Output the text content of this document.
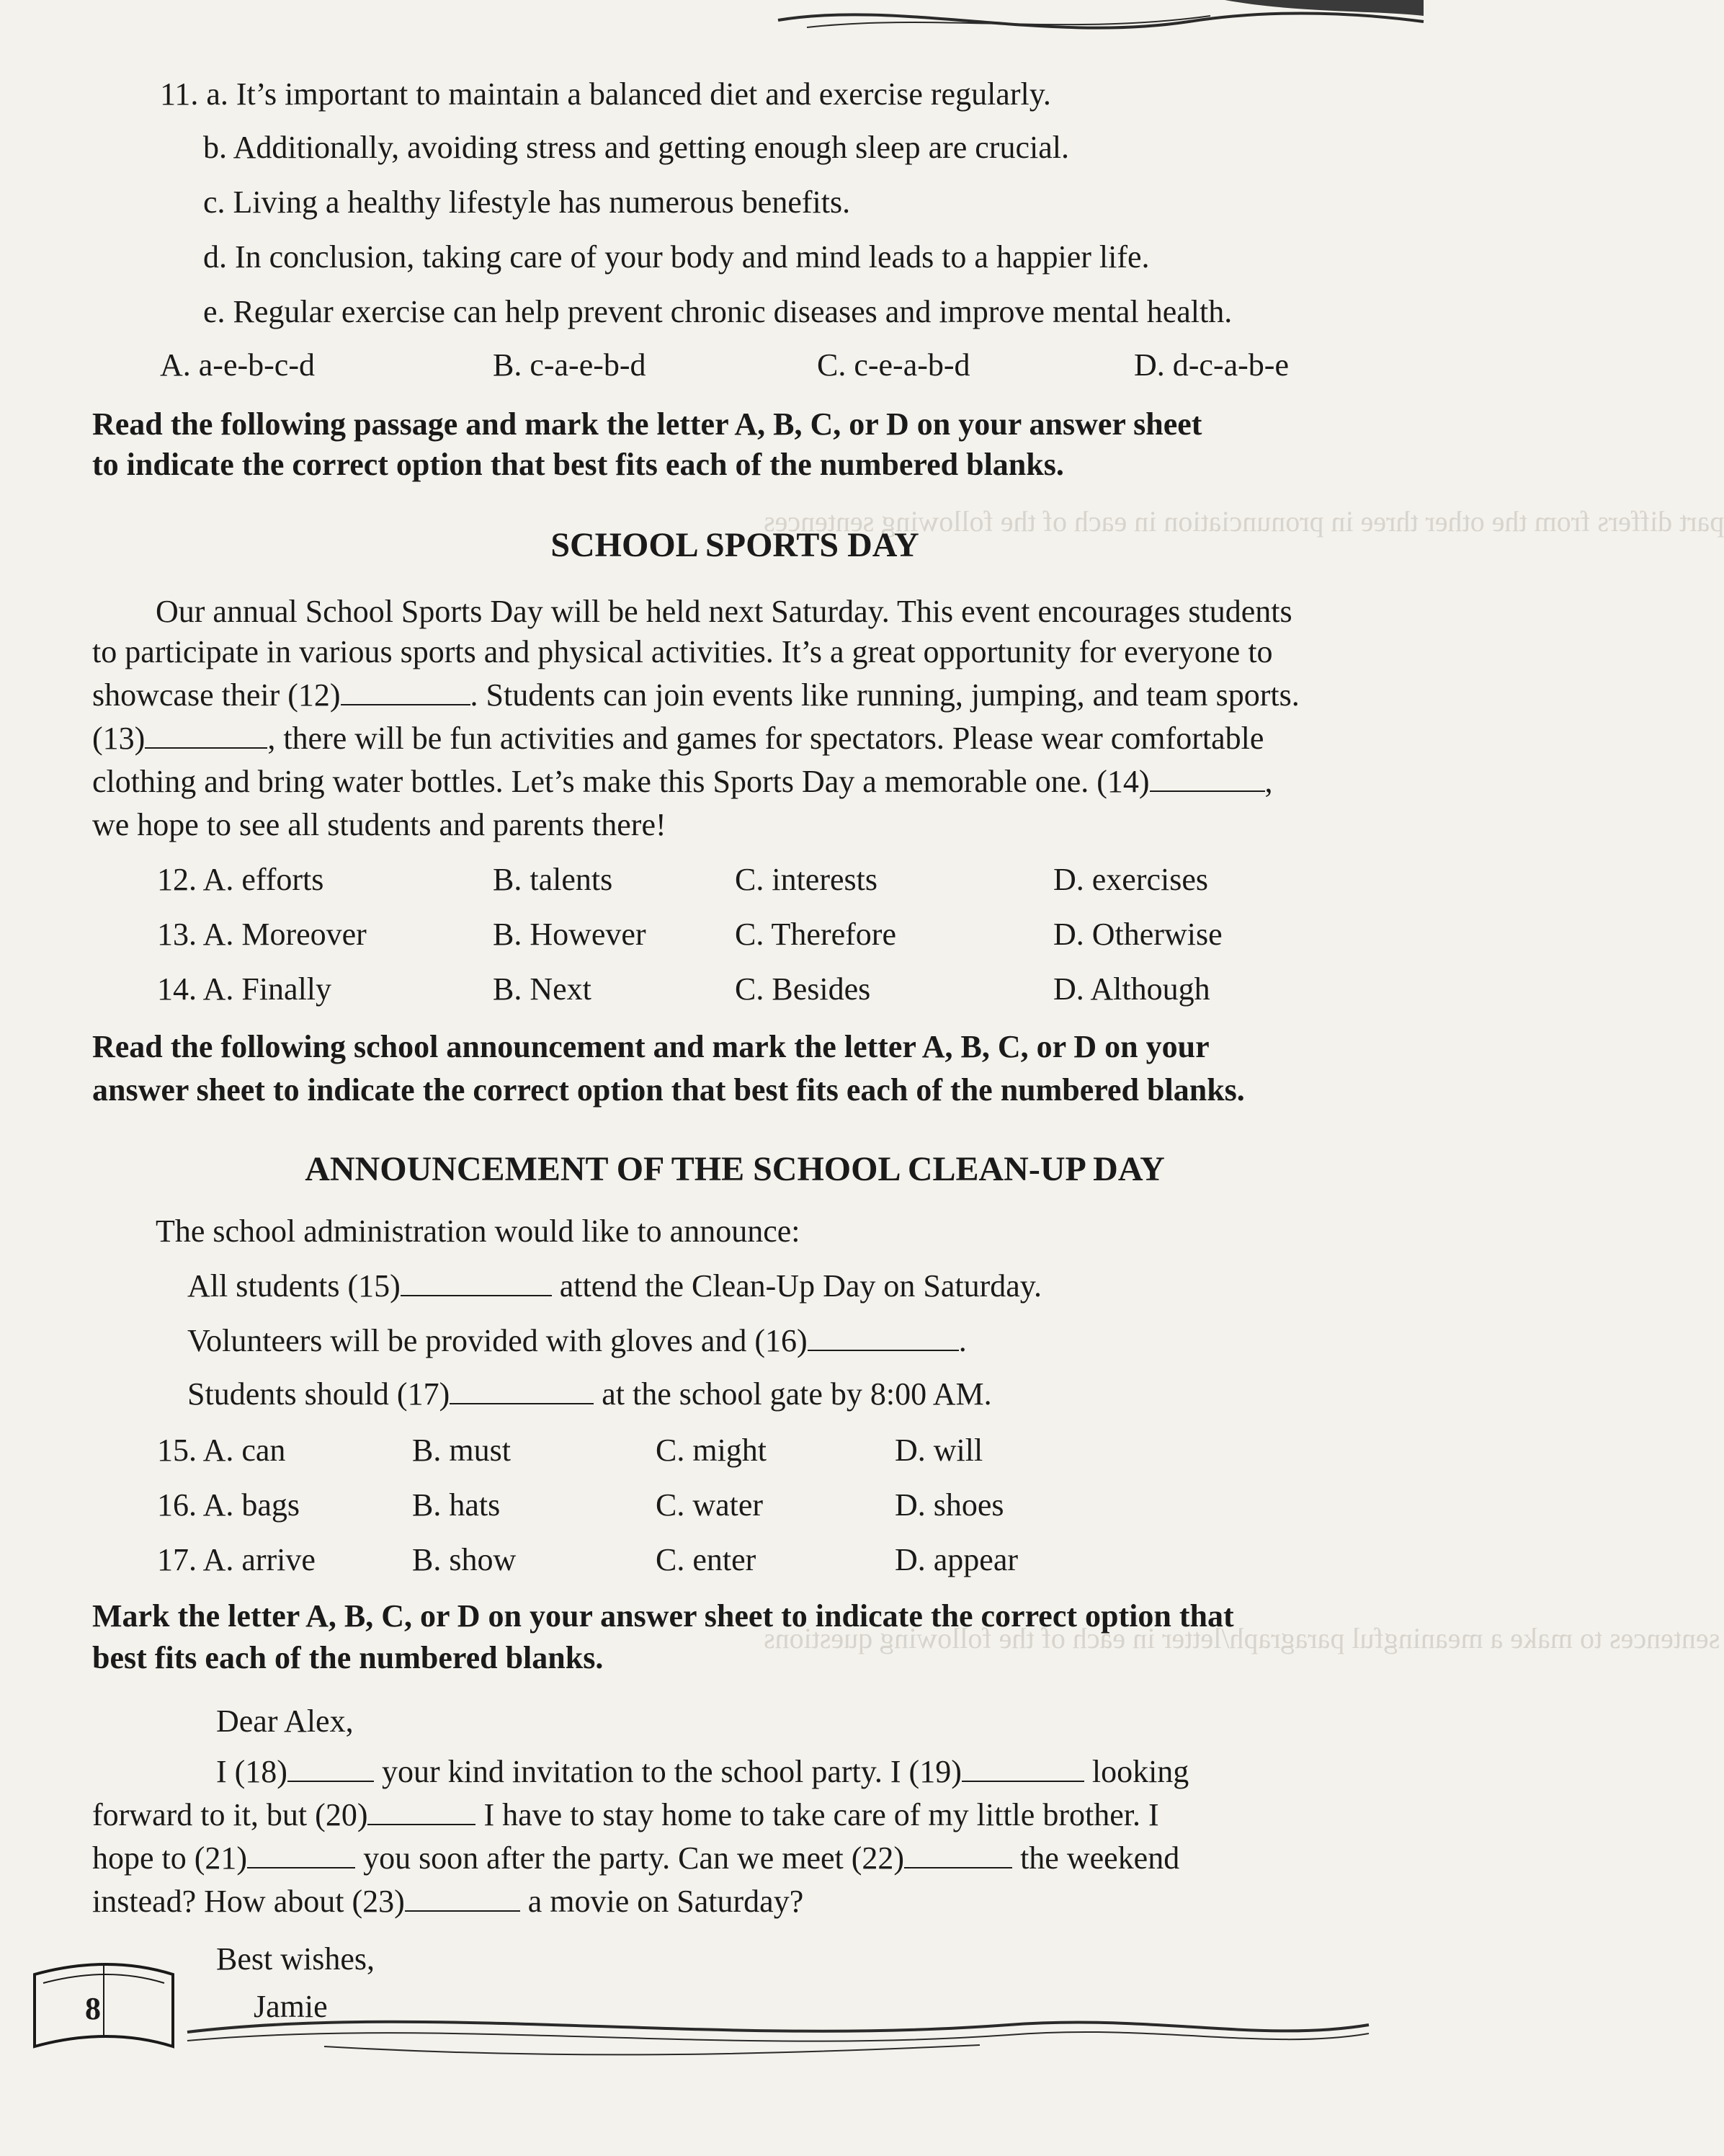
part differs from the other three in pronunciation in each of the following sentences
sentences to make a meaningful paragraph/letter in each of the following questions
11. a. It’s important to maintain a balanced diet and exercise regularly.
b. Additionally, avoiding stress and getting enough sleep are crucial.
c. Living a healthy lifestyle has numerous benefits.
d. In conclusion, taking care of your body and mind leads to a happier life.
e. Regular exercise can help prevent chronic diseases and improve mental health.
A. a-e-b-c-d	B. c-a-e-b-d	C. c-e-a-b-d	D. d-c-a-b-e
Read the following passage and mark the letter A, B, C, or D on your answer sheet
to indicate the correct option that best fits each of the numbered blanks.
SCHOOL SPORTS DAY
Our annual School Sports Day will be held next Saturday. This event encourages students
to participate in various sports and physical activities. It’s a great opportunity for everyone to
showcase their (12)	. Students can join events like running, jumping, and team sports.
(13)	, there will be fun activities and games for spectators. Please wear comfortable
clothing and bring water bottles. Let’s make this Sports Day a memorable one. (14)	,
we hope to see all students and parents there!
12. A. efforts	B. talents	C. interests	D. exercises
13. A. Moreover	B. However	C. Therefore	D. Otherwise
14. A. Finally	B. Next	C. Besides	D. Although
Read the following school announcement and mark the letter A, B, C, or D on your
answer sheet to indicate the correct option that best fits each of the numbered blanks.
ANNOUNCEMENT OF THE SCHOOL CLEAN-UP DAY
The school administration would like to announce:
All students (15)	attend the Clean-Up Day on Saturday.
Volunteers will be provided with gloves and (16)	.
Students should (17)	at the school gate by 8:00 AM.
15. A. can	B. must	C. might	D. will
16. A. bags	B. hats	C. water	D. shoes
17. A. arrive	B. show	C. enter	D. appear
Mark the letter A, B, C, or D on your answer sheet to indicate the correct option that
best fits each of the numbered blanks.
Dear Alex,
I (18)	your kind invitation to the school party. I (19)	looking
forward to it, but (20)	I have to stay home to take care of my little brother. I
hope to (21)	you soon after the party. Can we meet (22)	the weekend
instead? How about (23)	a movie on Saturday?
Best wishes,
Jamie
8
